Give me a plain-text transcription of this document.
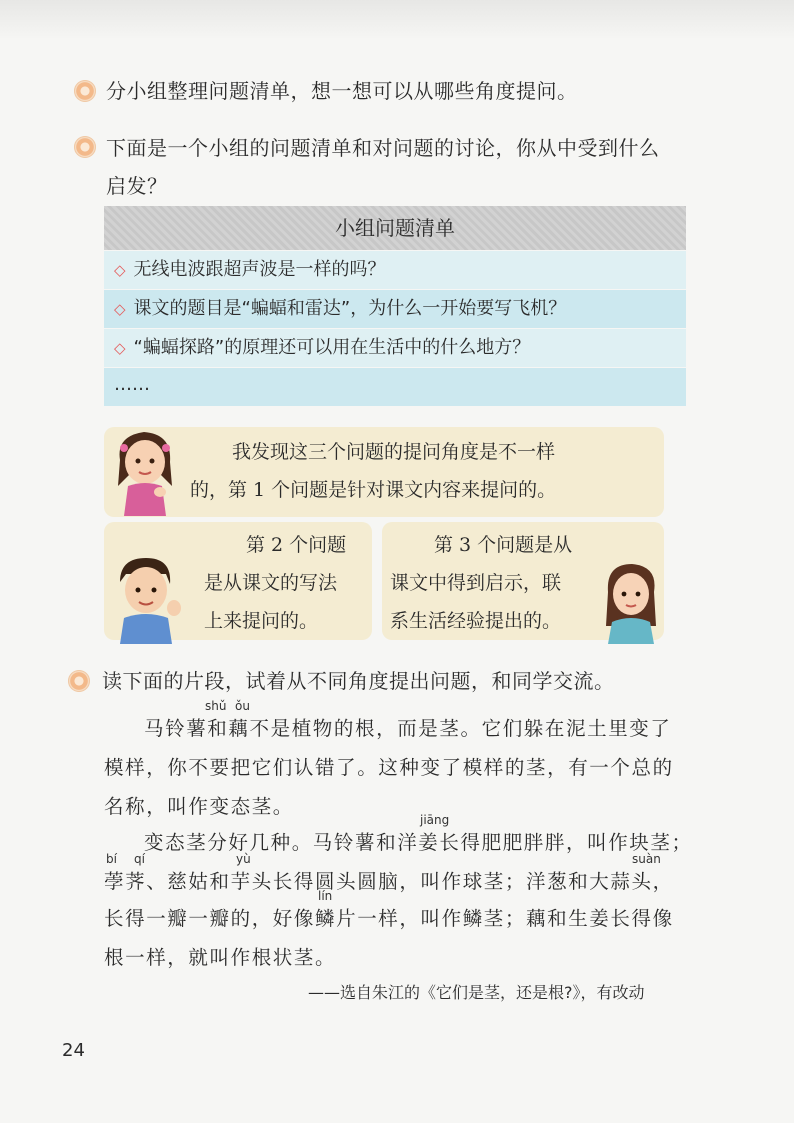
分小组整理问题清单，想一想可以从哪些角度提问。
下面是一个小组的问题清单和对问题的讨论，你从中受到什么
启发？
小组问题清单
◇ 无线电波跟超声波是一样的吗？
◇ 课文的题目是“蝙蝠和雷达”，为什么一开始要写飞机？
◇ “蝙蝠探路”的原理还可以用在生活中的什么地方？
……
我发现这三个问题的提问角度是不一样
的，第 1 个问题是针对课文内容来提问的。
第 2 个问题
是从课文的写法
上来提问的。
第 3 个问题是从
课文中得到启示，联
系生活经验提出的。
读下面的片段，试着从不同角度提出问题，和同学交流。
shǔ ǒu
马铃薯和藕不是植物的根，而是茎。它们躲在泥土里变了
模样，你不要把它们认错了。这种变了模样的茎，有一个总的
名称，叫作变态茎。
jiāng
变态茎分好几种。马铃薯和洋姜长得肥肥胖胖，叫作块茎；
bí qí	yù	suàn
荸荠、慈姑和芋头长得圆头圆脑，叫作球茎；洋葱和大蒜头，
lín
长得一瓣一瓣的，好像鳞片一样，叫作鳞茎；藕和生姜长得像
根一样，就叫作根状茎。
——选自朱江的《它们是茎，还是根?》，有改动
24
